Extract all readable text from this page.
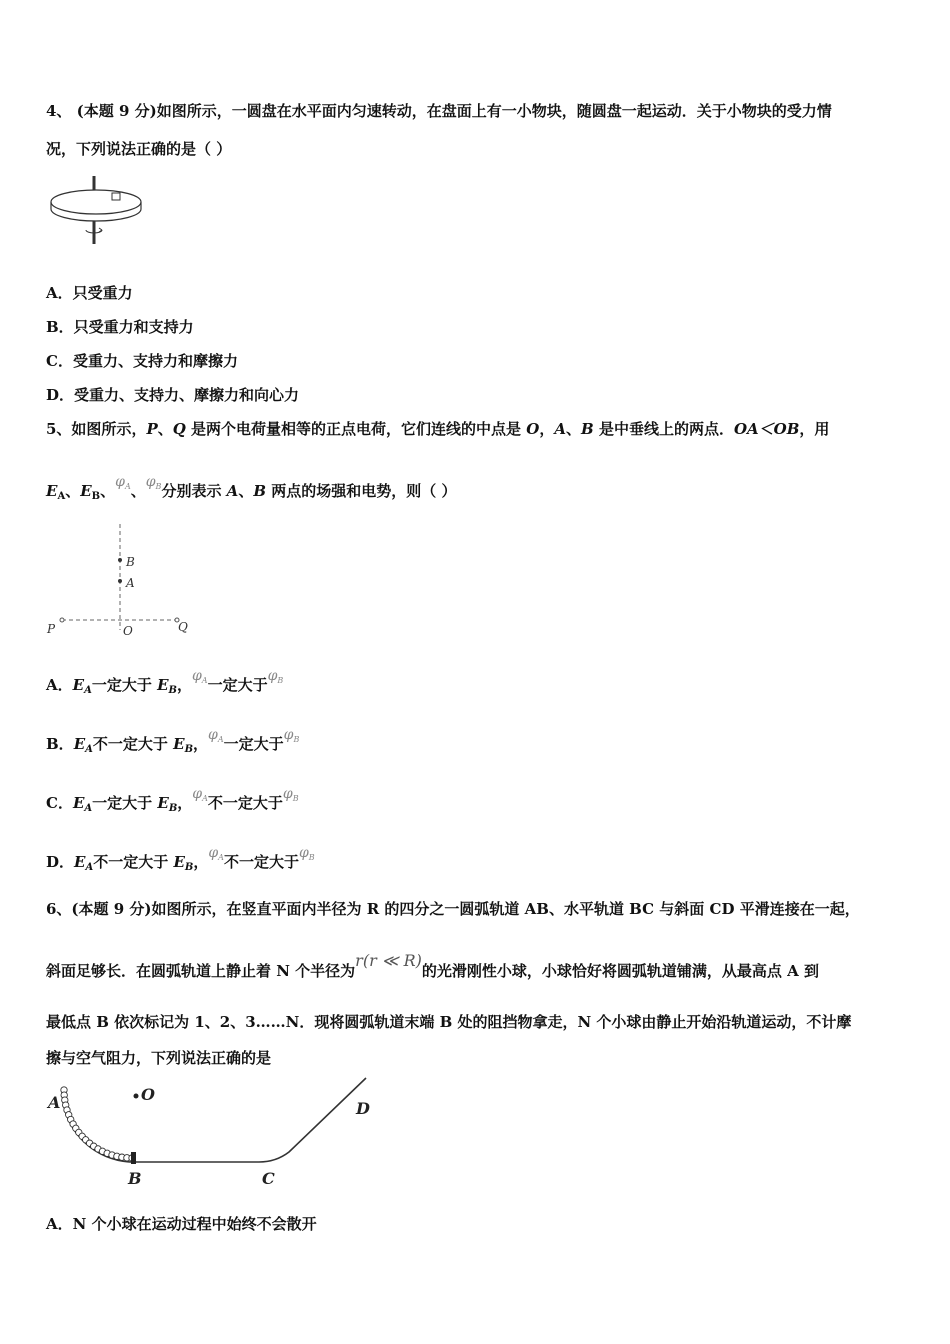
4、 (本题 9 分)如图所示，一圆盘在水平面内匀速转动，在盘面上有一小物块，随圆盘一起运动．关于小物块的受力情
况，下列说法正确的是（ ）
A．只受重力
B．只受重力和支持力
C．受重力、支持力和摩擦力
D．受重力、支持力、摩擦力和向心力
5、如图所示，P、Q 是两个电荷量相等的正点电荷，它们连线的中点是 O，A、B 是中垂线上的两点．OA＜OB，用
$E_A$、$E_B$、$\varphi_A$、$\varphi_B$分别表示 A、B 两点的场强和电势，则（ ）
B
A
P	O	Q
A．$E_A$一定大于 $E_B$，$\varphi_A$一定大于$\varphi_B$
B．$E_A$不一定大于 $E_B$，$\varphi_A$一定大于$\varphi_B$
C．$E_A$一定大于 $E_B$，$\varphi_A$不一定大于$\varphi_B$
D．$E_A$不一定大于 $E_B$，$\varphi_A$不一定大于$\varphi_B$
6、(本题 9 分)如图所示，在竖直平面内半径为 R 的四分之一圆弧轨道 AB、水平轨道 BC 与斜面 CD 平滑连接在一起，
斜面足够长．在圆弧轨道上静止着 N 个半径为r(r ≪ R)的光滑刚性小球，小球恰好将圆弧轨道铺满，从最高点 A 到
最低点 B 依次标记为 1、2、3……N．现将圆弧轨道末端 B 处的阻挡物拿走，N 个小球由静止开始沿轨道运动，不计摩
擦与空气阻力，下列说法正确的是
A	O
B	C
D
A．N 个小球在运动过程中始终不会散开
